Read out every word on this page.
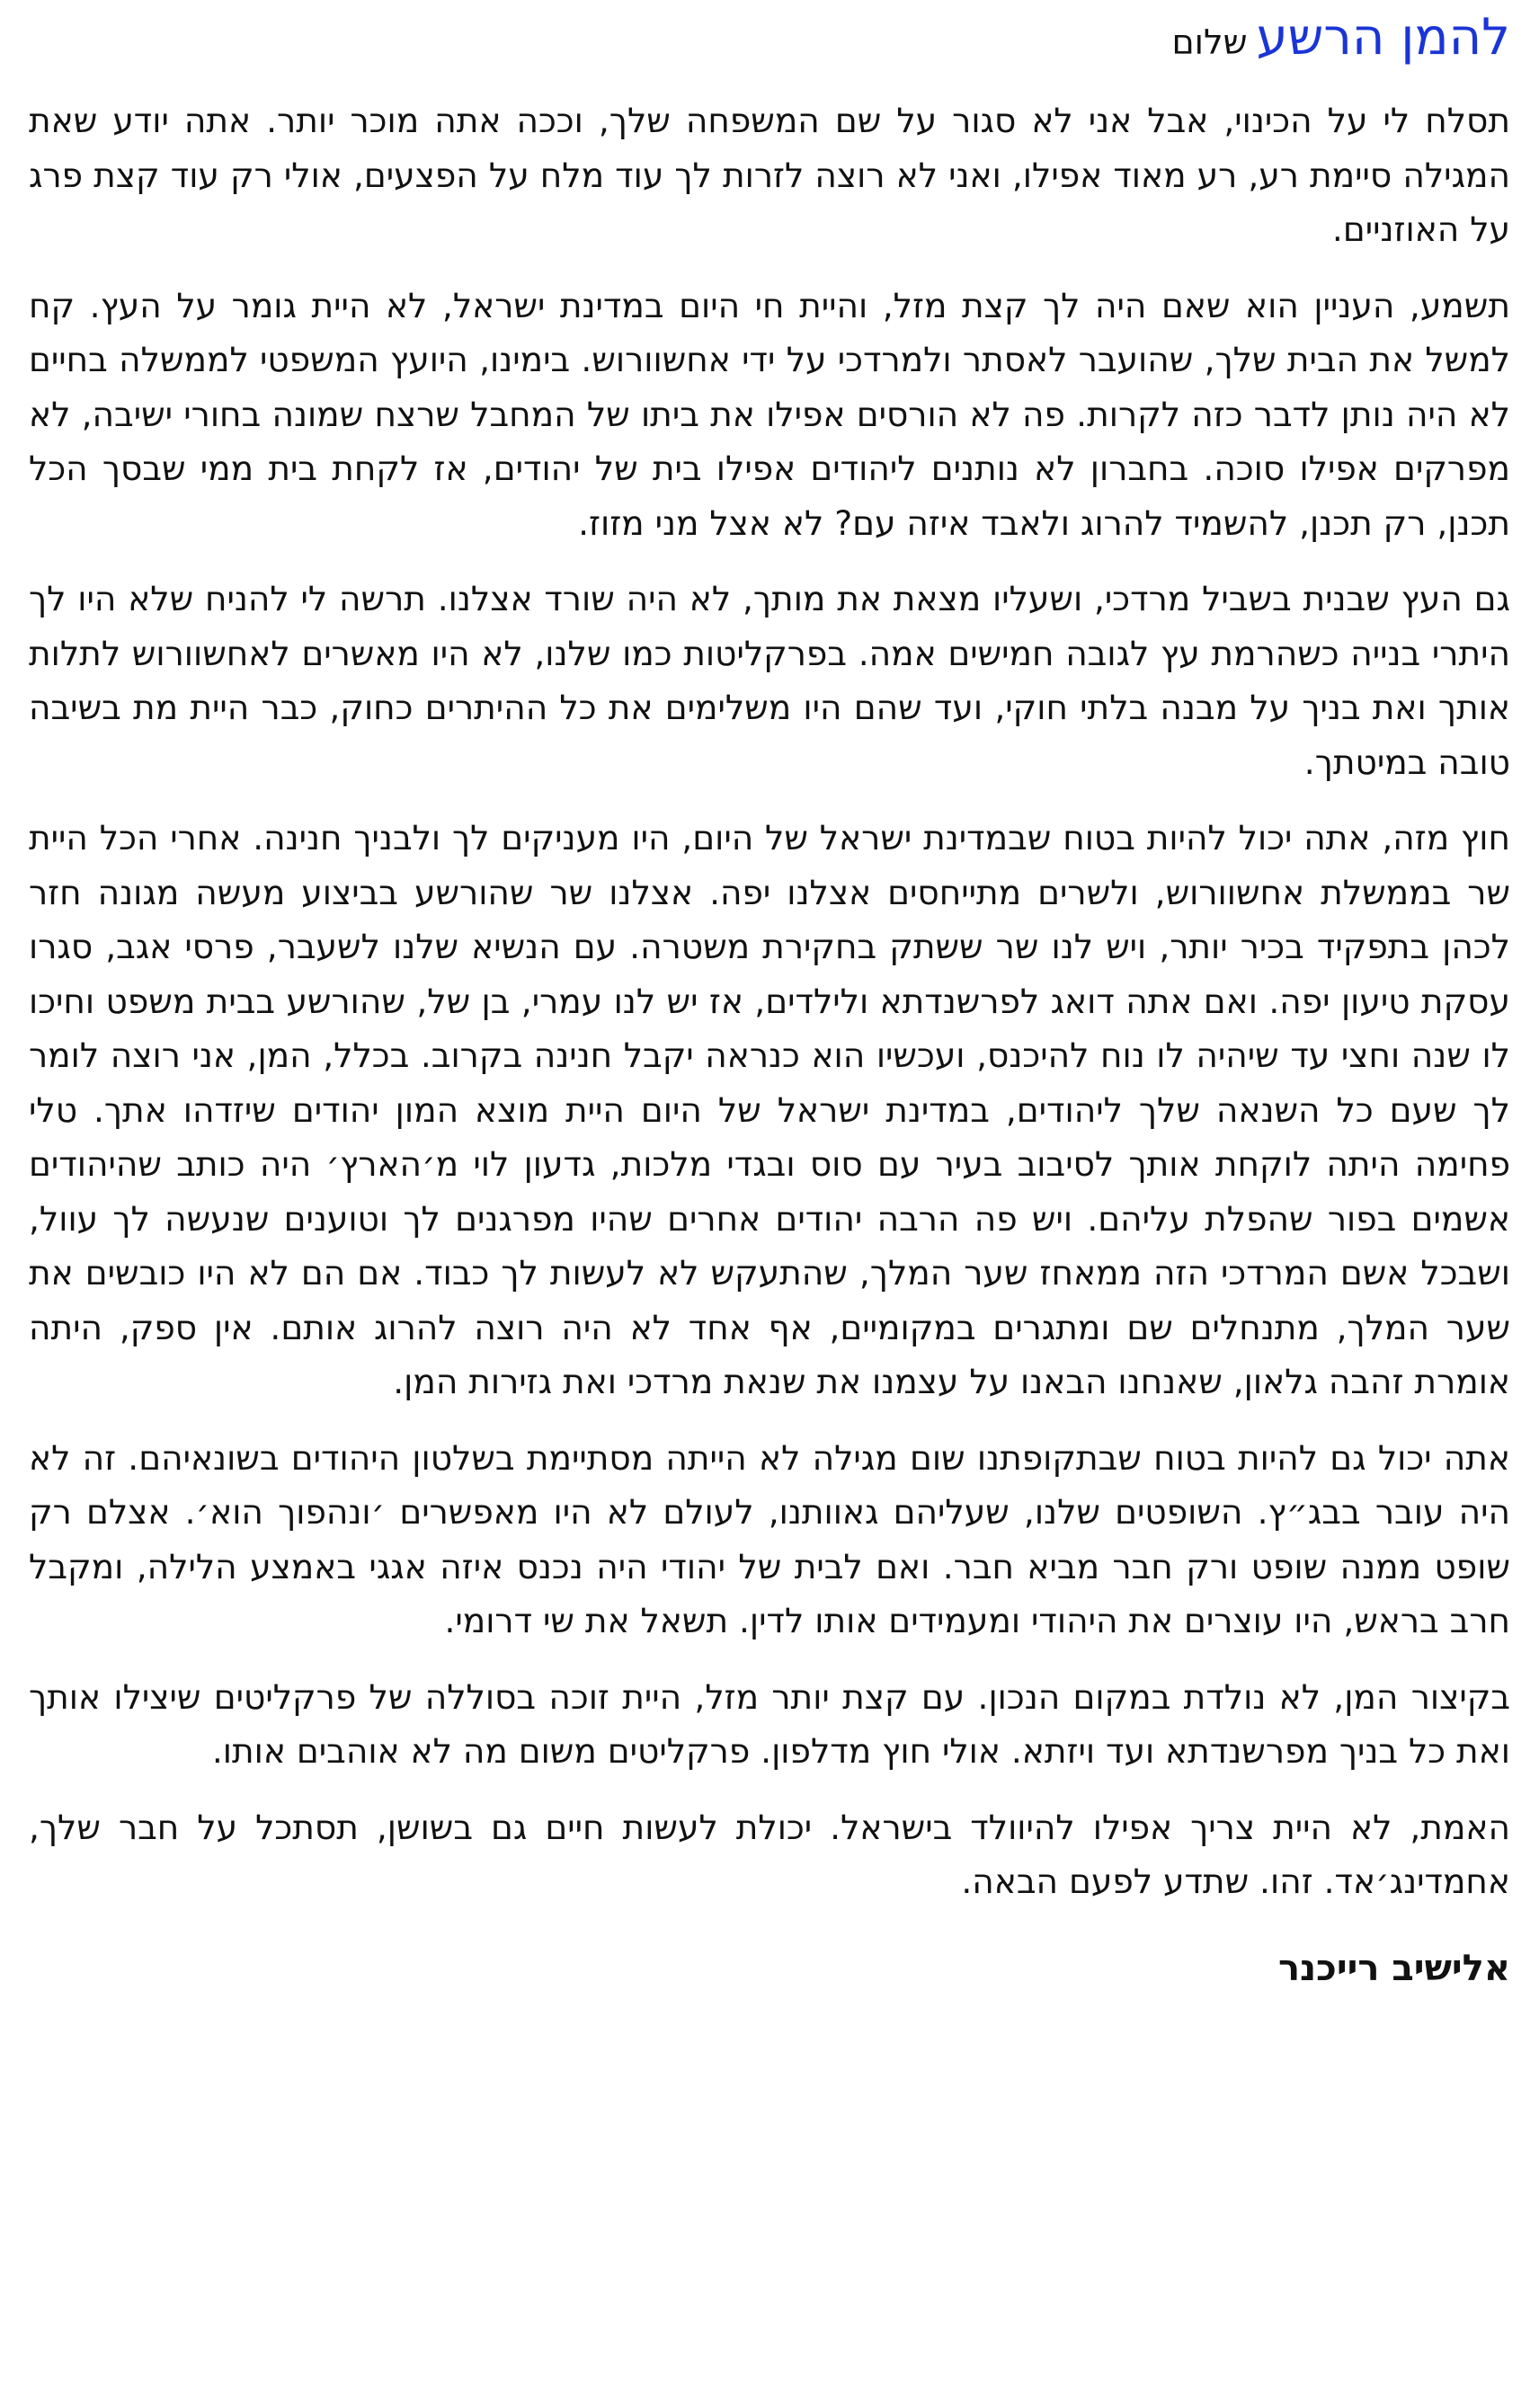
להמן הרשעשלום

תסלח לי על הכינוי, אבל אני לא סגור על שם המשפחה שלך, וככה אתה מוכר יותר. אתה יודע שאת המגילה סיימת רע, רע מאוד אפילו, ואני לא רוצה לזרות לך עוד מלח על הפצעים, אולי רק עוד קצת פרג על האוזניים.

תשמע, העניין הוא שאם היה לך קצת מזל, והיית חי היום במדינת ישראל, לא היית גומר על העץ. קח למשל את הבית שלך, שהועבר לאסתר ולמרדכי על ידי אחשוורוש. בימינו, היועץ המשפטי לממשלה בחיים לא היה נותן לדבר כזה לקרות. פה לא הורסים אפילו את ביתו של המחבל שרצח שמונה בחורי ישיבה, לא מפרקים אפילו סוכה. בחברון לא נותנים ליהודים אפילו בית של יהודים, אז לקחת בית ממי שבסך הכל תכנן, רק תכנן, להשמיד להרוג ולאבד איזה עם? לא אצל מני מזוז.

גם העץ שבנית בשביל מרדכי, ושעליו מצאת את מותך, לא היה שורד אצלנו. תרשה לי להניח שלא היו לך היתרי בנייה כשהרמת עץ לגובה חמישים אמה. בפרקליטות כמו שלנו, לא היו מאשרים לאחשוורוש לתלות אותך ואת בניך על מבנה בלתי חוקי, ועד שהם היו משלימים את כל ההיתרים כחוק, כבר היית מת בשיבה טובה במיטתך.

חוץ מזה, אתה יכול להיות בטוח שבמדינת ישראל של היום, היו מעניקים לך ולבניך חנינה. אחרי הכל היית שר בממשלת אחשוורוש, ולשרים מתייחסים אצלנו יפה. אצלנו שר שהורשע בביצוע מעשה מגונה חזר לכהן בתפקיד בכיר יותר, ויש לנו שר ששתק בחקירת משטרה. עם הנשיא שלנו לשעבר, פרסי אגב, סגרו עסקת טיעון יפה. ואם אתה דואג לפרשנדתא ולילדים, אז יש לנו עמרי, בן של, שהורשע בבית משפט וחיכו לו שנה וחצי עד שיהיה לו נוח להיכנס, ועכשיו הוא כנראה יקבל חנינה בקרוב. בכלל, המן, אני רוצה לומר לך שעם כל השנאה שלך ליהודים, במדינת ישראל של היום היית מוצא המון יהודים שיזדהו אתך. טלי פחימה היתה לוקחת אותך לסיבוב בעיר עם סוס ובגדי מלכות, גדעון לוי מ׳הארץ׳ היה כותב שהיהודים אשמים בפור שהפלת עליהם. ויש פה הרבה יהודים אחרים שהיו מפרגנים לך וטוענים שנעשה לך עוול, ושבכל אשם המרדכי הזה ממאחז שער המלך, שהתעקש לא לעשות לך כבוד. אם הם לא היו כובשים את שער המלך, מתנחלים שם ומתגרים במקומיים, אף אחד לא היה רוצה להרוג אותם. אין ספק, היתה אומרת זהבה גלאון, שאנחנו הבאנו על עצמנו את שנאת מרדכי ואת גזירות המן.

אתה יכול גם להיות בטוח שבתקופתנו שום מגילה לא הייתה מסתיימת בשלטון היהודים בשונאיהם. זה לא היה עובר בבג״ץ. השופטים שלנו, שעליהם גאוותנו, לעולם לא היו מאפשרים ׳ונהפוך הוא׳. אצלם רק שופט ממנה שופט ורק חבר מביא חבר. ואם לבית של יהודי היה נכנס איזה אגגי באמצע הלילה, ומקבל חרב בראש, היו עוצרים את היהודי ומעמידים אותו לדין. תשאל את שי דרומי.

בקיצור המן, לא נולדת במקום הנכון. עם קצת יותר מזל, היית זוכה בסוללה של פרקליטים שיצילו אותך ואת כל בניך מפרשנדתא ועד ויזתא. אולי חוץ מדלפון. פרקליטים משום מה לא אוהבים אותו.

האמת, לא היית צריך אפילו להיוולד בישראל. יכולת לעשות חיים גם בשושן, תסתכל על חבר שלך, אחמדינג׳אד. זהו. שתדע לפעם הבאה.

אלישיב רייכנר
